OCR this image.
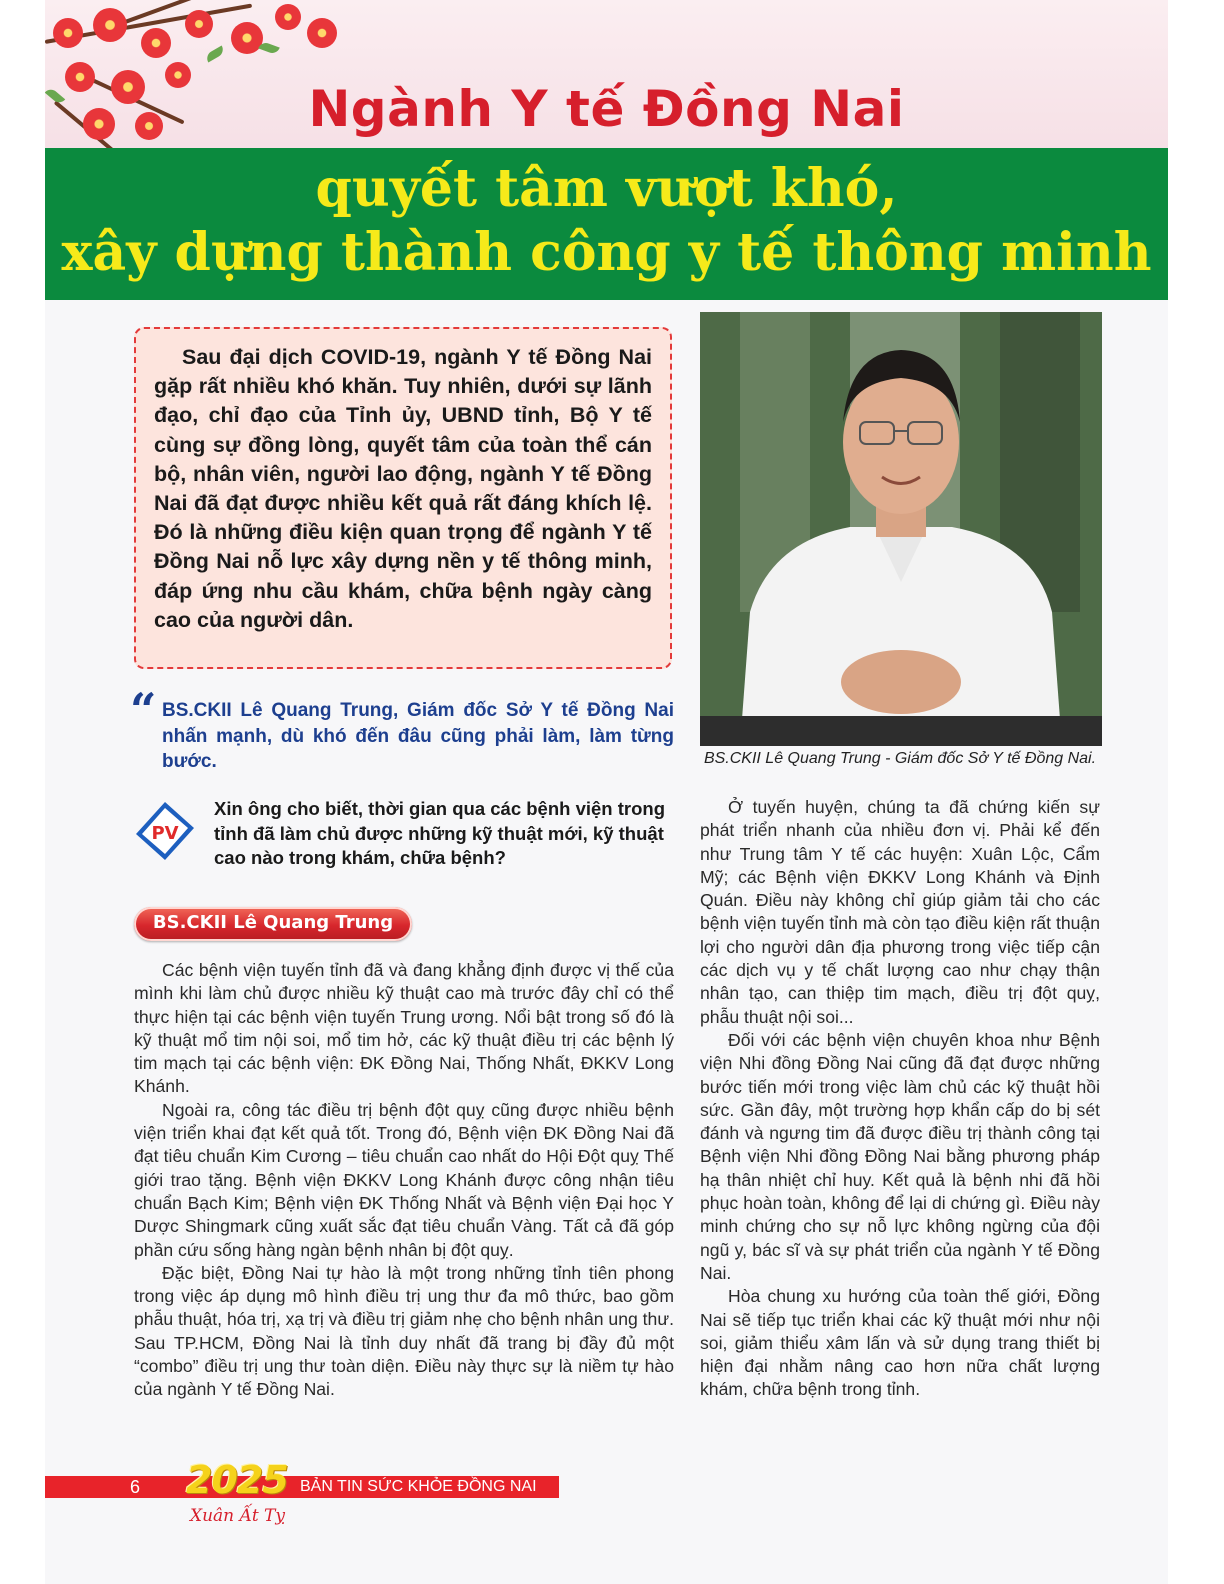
Ngành Y tế Đồng Nai
quyết tâm vượt khó,
xây dựng thành công y tế thông minh

Sau đại dịch COVID-19, ngành Y tế Đồng Nai gặp rất nhiều khó khăn. Tuy nhiên, dưới sự lãnh đạo, chỉ đạo của Tỉnh ủy, UBND tỉnh, Bộ Y tế cùng sự đồng lòng, quyết tâm của toàn thể cán bộ, nhân viên, người lao động, ngành Y tế Đồng Nai đã đạt được nhiều kết quả rất đáng khích lệ. Đó là những điều kiện quan trọng để ngành Y tế Đồng Nai nỗ lực xây dựng nền y tế thông minh, đáp ứng nhu cầu khám, chữa bệnh ngày càng cao của người dân.

“ BS.CKII Lê Quang Trung, Giám đốc Sở Y tế Đồng Nai nhấn mạnh, dù khó đến đâu cũng phải làm, làm từng bước.	BS.CKII Lê Quang Trung - Giám đốc Sở Y tế Đồng Nai.
PV

Xin ông cho biết, thời gian qua các bệnh viện trong tỉnh đã làm chủ được những kỹ thuật mới, kỹ thuật cao nào trong khám, chữa bệnh?

BS.CKII Lê Quang Trung

Các bệnh viện tuyến tỉnh đã và đang khẳng định được vị thế của mình khi làm chủ được nhiều kỹ thuật cao mà trước đây chỉ có thể thực hiện tại các bệnh viện tuyến Trung ương. Nổi bật trong số đó là kỹ thuật mổ tim nội soi, mổ tim hở, các kỹ thuật điều trị các bệnh lý tim mạch tại các bệnh viện: ĐK Đồng Nai, Thống Nhất, ĐKKV Long Khánh.

Ngoài ra, công tác điều trị bệnh đột quỵ cũng được nhiều bệnh viện triển khai đạt kết quả tốt. Trong đó, Bệnh viện ĐK Đồng Nai đã đạt tiêu chuẩn Kim Cương – tiêu chuẩn cao nhất do Hội Đột quỵ Thế giới trao tặng. Bệnh viện ĐKKV Long Khánh được công nhận tiêu chuẩn Bạch Kim; Bệnh viện ĐK Thống Nhất và Bệnh viện Đại học Y Dược Shingmark cũng xuất sắc đạt tiêu chuẩn Vàng. Tất cả đã góp phần cứu sống hàng ngàn bệnh nhân bị đột quỵ.

Đặc biệt, Đồng Nai tự hào là một trong những tỉnh tiên phong trong việc áp dụng mô hình điều trị ung thư đa mô thức, bao gồm phẫu thuật, hóa trị, xạ trị và điều trị giảm nhẹ cho bệnh nhân ung thư. Sau TP.HCM, Đồng Nai là tỉnh duy nhất đã trang bị đầy đủ một “combo” điều trị ung thư toàn diện. Điều này thực sự là niềm tự hào của ngành Y tế Đồng Nai.

Ở tuyến huyện, chúng ta đã chứng kiến sự phát triển nhanh của nhiều đơn vị. Phải kể đến như Trung tâm Y tế các huyện: Xuân Lộc, Cẩm Mỹ; các Bệnh viện ĐKKV Long Khánh và Định Quán. Điều này không chỉ giúp giảm tải cho các bệnh viện tuyến tỉnh mà còn tạo điều kiện rất thuận lợi cho người dân địa phương trong việc tiếp cận các dịch vụ y tế chất lượng cao như chạy thận nhân tạo, can thiệp tim mạch, điều trị đột quỵ, phẫu thuật nội soi...

Đối với các bệnh viện chuyên khoa như Bệnh viện Nhi đồng Đồng Nai cũng đã đạt được những bước tiến mới trong việc làm chủ các kỹ thuật hồi sức. Gần đây, một trường hợp khẩn cấp do bị sét đánh và ngưng tim đã được điều trị thành công tại Bệnh viện Nhi đồng Đồng Nai bằng phương pháp hạ thân nhiệt chỉ huy. Kết quả là bệnh nhi đã hồi phục hoàn toàn, không để lại di chứng gì. Điều này minh chứng cho sự nỗ lực không ngừng của đội ngũ y, bác sĩ và sự phát triển của ngành Y tế Đồng Nai.

Hòa chung xu hướng của toàn thế giới, Đồng Nai sẽ tiếp tục triển khai các kỹ thuật mới như nội soi, giảm thiểu xâm lấn và sử dụng trang thiết bị hiện đại nhằm nâng cao hơn nữa chất lượng khám, chữa bệnh trong tỉnh.

6 2025 BẢN TIN SỨC KHỎE ĐỒNG NAI
Xuân Ất Tỵ
